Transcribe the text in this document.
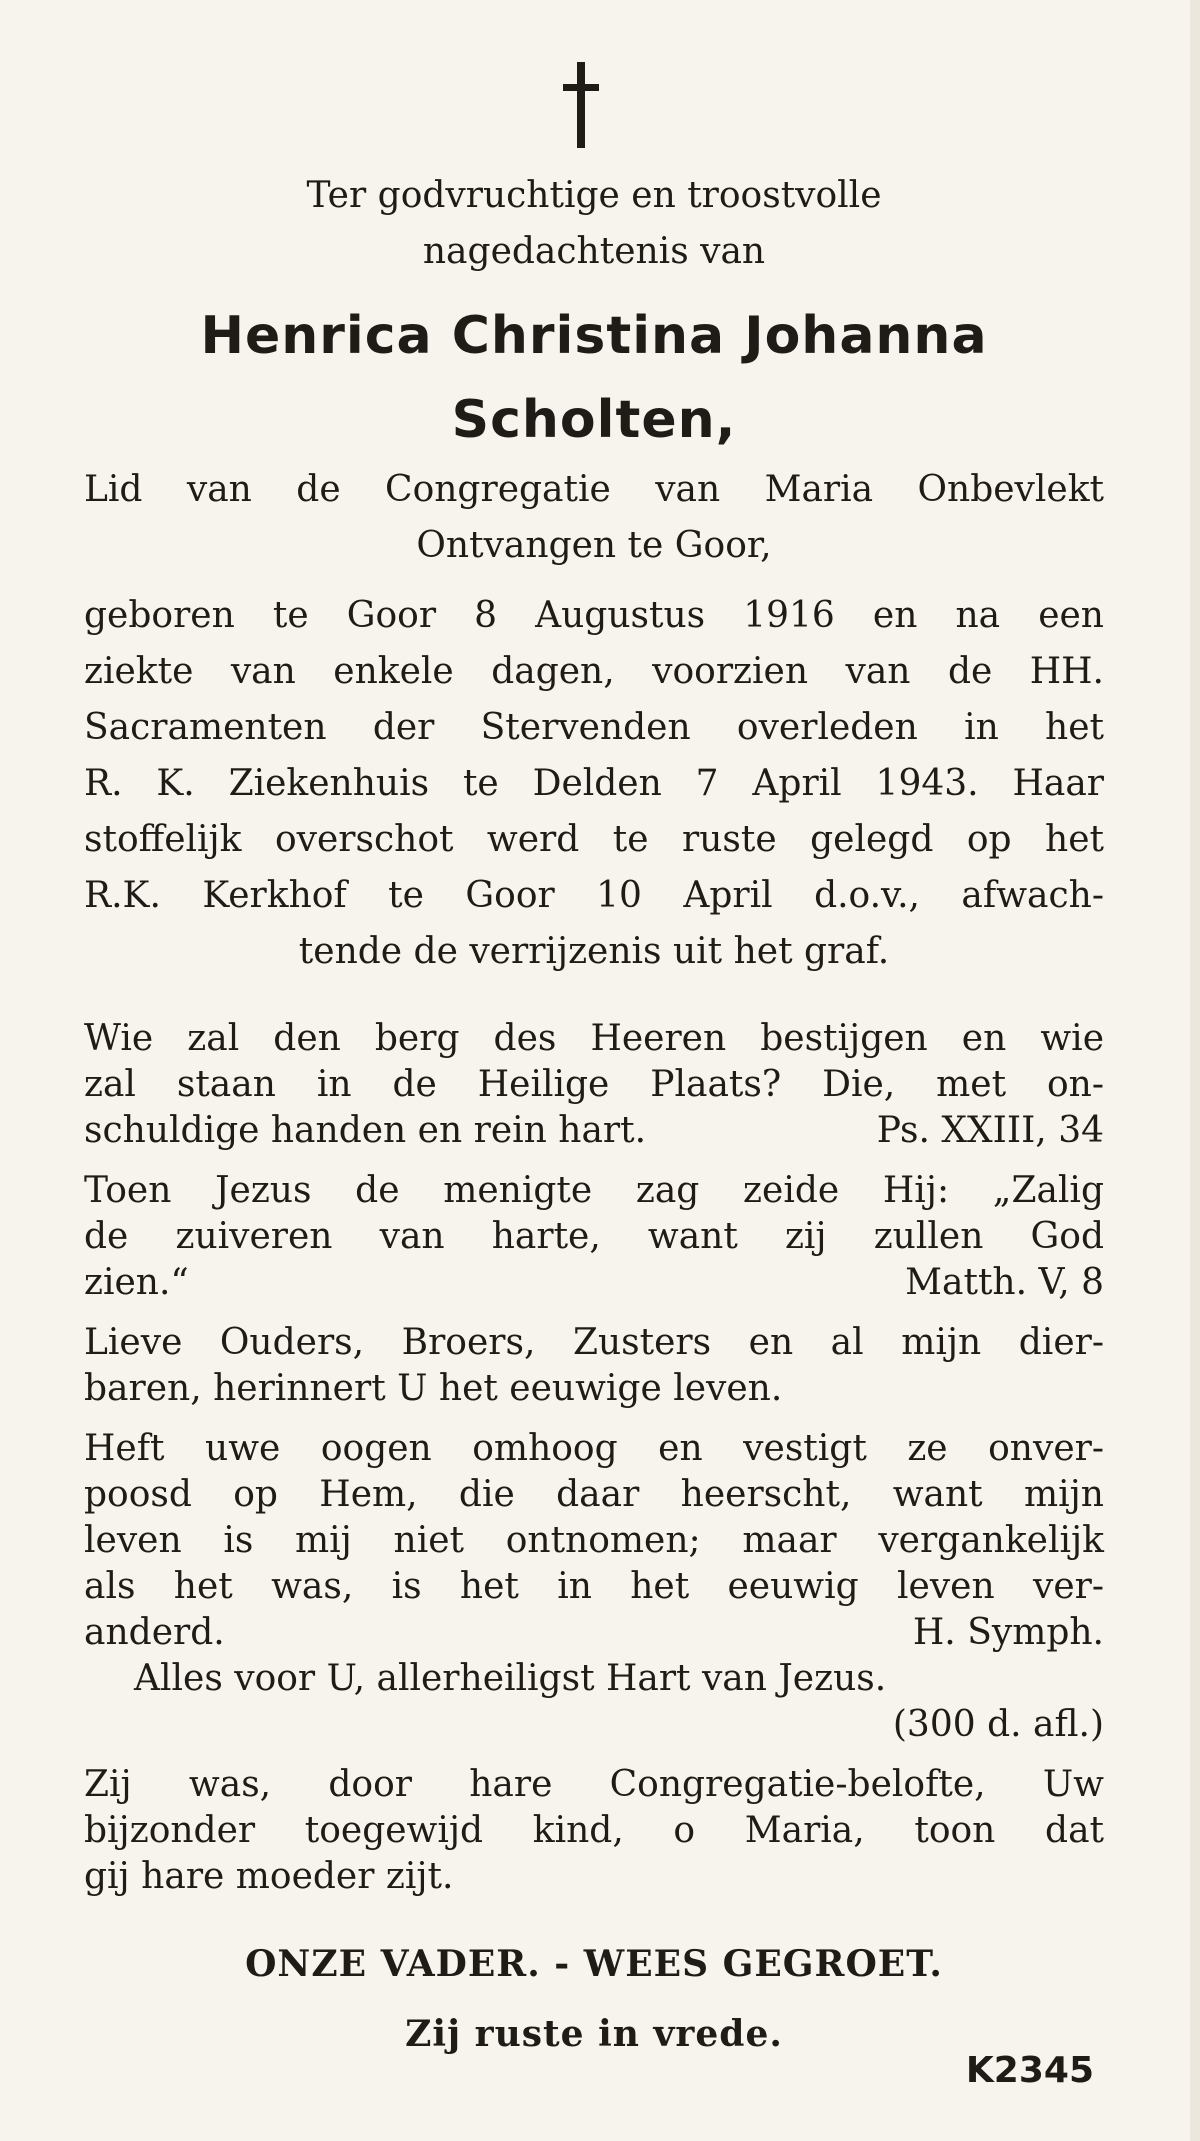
Ter godvruchtige en troostvolle
nagedachtenis van
Henrica Christina Johanna Scholten,
Lid van de Congregatie van Maria Onbevlekt
Ontvangen te Goor,
geboren te Goor 8 Augustus 1916 en na een
ziekte van enkele dagen, voorzien van de HH.
Sacramenten der Stervenden overleden in het
R. K. Ziekenhuis te Delden 7 April 1943. Haar
stoffelijk overschot werd te ruste gelegd op het
R.K. Kerkhof te Goor 10 April d.o.v., afwach-
tende de verrijzenis uit het graf.
Wie zal den berg des Heeren bestijgen en wie
zal staan in de Heilige Plaats? Die, met on-
schuldige handen en rein hart.	Ps. XXIII, 34
Toen Jezus de menigte zag zeide Hij: „Zalig
de zuiveren van harte, want zij zullen God
zien.“	Matth. V, 8
Lieve Ouders, Broers, Zusters en al mijn dier-
baren, herinnert U het eeuwige leven.
Heft uwe oogen omhoog en vestigt ze onver-
poosd op Hem, die daar heerscht, want mijn
leven is mij niet ontnomen; maar vergankelijk
als het was, is het in het eeuwig leven ver-
anderd.	H. Symph.
Alles voor U, allerheiligst Hart van Jezus.
(300 d. afl.)
Zij was, door hare Congregatie-belofte, Uw
bijzonder toegewijd kind, o Maria, toon dat
gij hare moeder zijt.
ONZE VADER. - WEES GEGROET.
Zij ruste in vrede.
K2345
